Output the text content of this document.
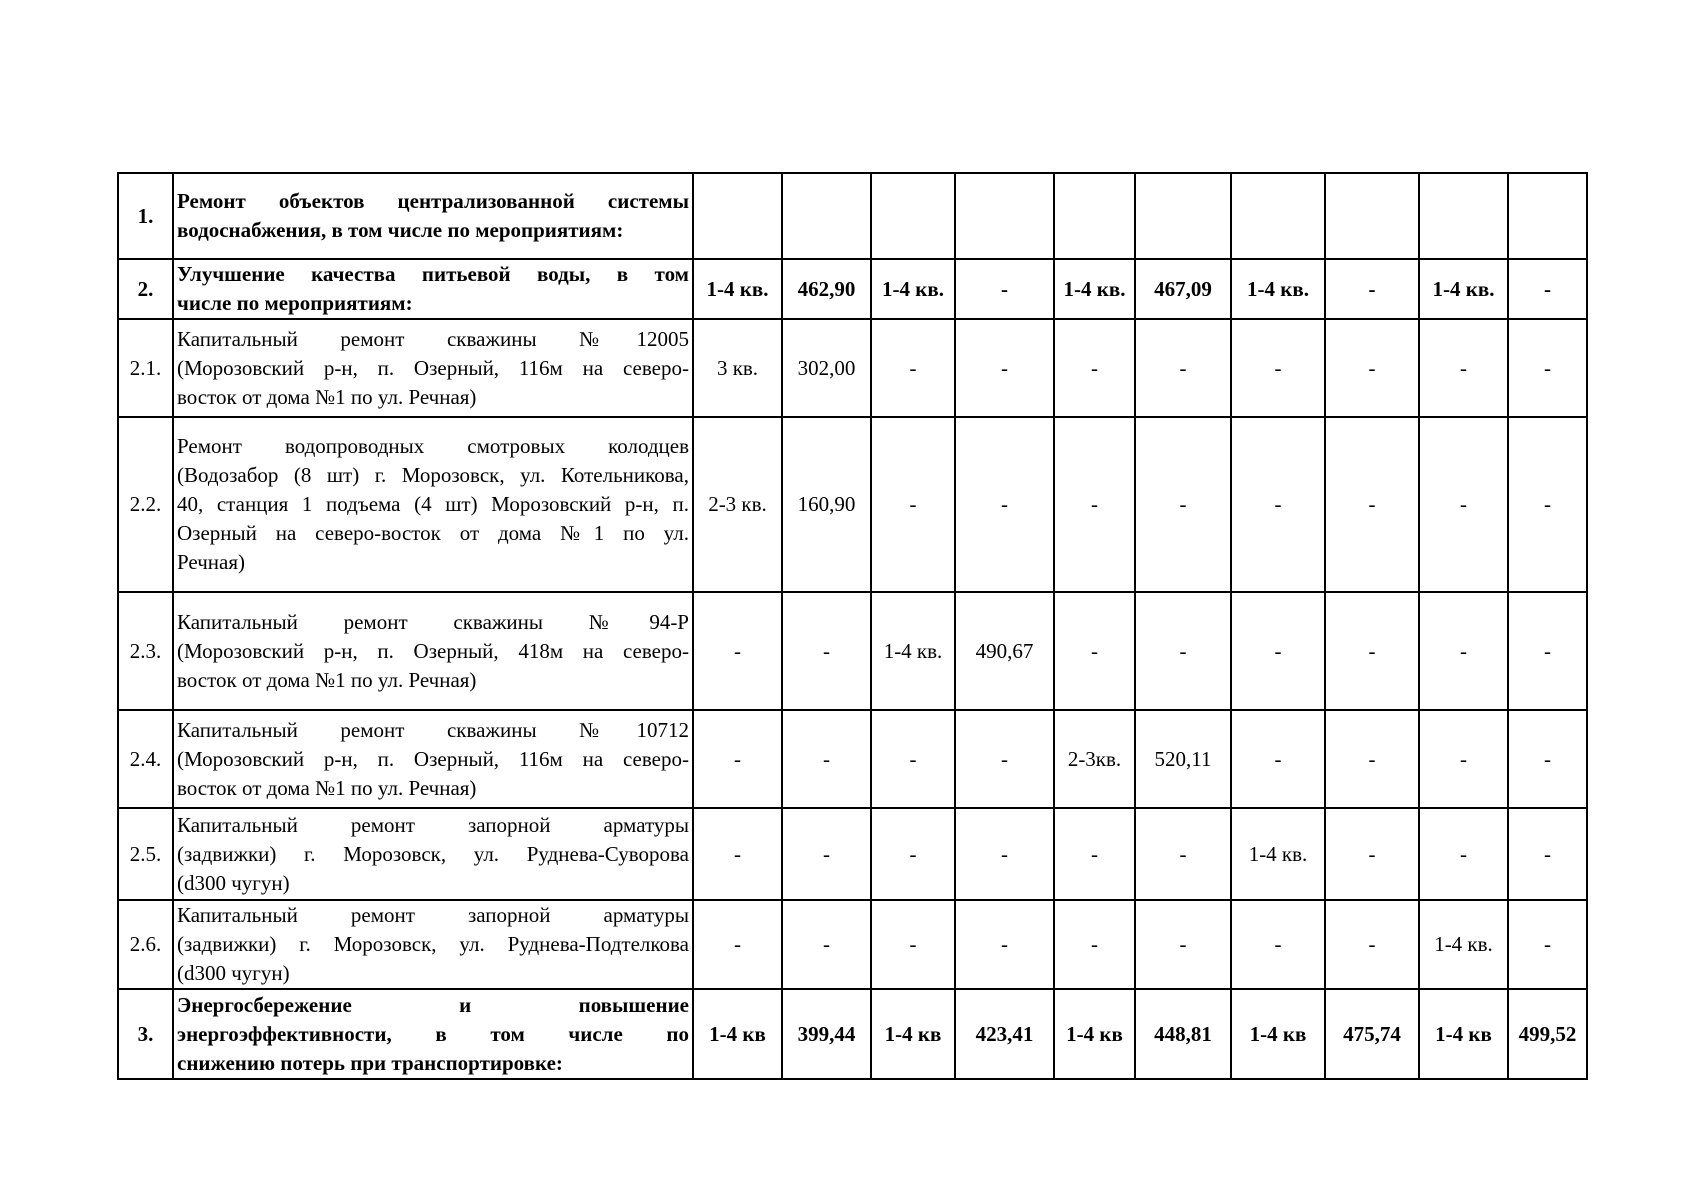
1.	Ремонт объектов централизованной системы
водоснабжения, в том числе по мероприятиям:										

2.	Улучшение качества питьевой воды, в том
числе по мероприятиям:	1-4 кв.	462,90	1-4 кв.	-	1-4 кв.	467,09	1-4 кв.	-	1-4 кв.	-
2.1.	Капитальный ремонт скважины №12005
(Морозовский р-н, п. Озерный, 116м на северо-
восток от дома №1 по ул. Речная)	3 кв.	302,00	-	-	-	-	-	-	-	-
2.2.	Ремонт водопроводных смотровых колодцев
(Водозабор (8 шт) г. Морозовск, ул. Котельникова,
40, станция 1 подъема (4 шт) Морозовский р-н, п.
Озерный на северо-восток от дома №1 по ул.
Речная)	2-3 кв.	160,90	-	-	-	-	-	-	-	-
2.3.	Капитальный ремонт скважины №94-Р
(Морозовский р-н, п. Озерный, 418м на северо-
восток от дома №1 по ул. Речная)	-	-	1-4 кв.	490,67	-	-	-	-	-	-
2.4.	Капитальный ремонт скважины №10712
(Морозовский р-н, п. Озерный, 116м на северо-
восток от дома №1 по ул. Речная)	-	-	-	-	2-3кв.	520,11	-	-	-	-
2.5.	Капитальный ремонт запорной арматуры
(задвижки) г. Морозовск, ул. Руднева-Суворова
(d300 чугун)	-	-	-	-	-	-	1-4 кв.	-	-	-
2.6.	Капитальный ремонт запорной арматуры
(задвижки) г. Морозовск, ул. Руднева-Подтелкова
(d300 чугун)	-	-	-	-	-	-	-	-	1-4 кв.	-
3.	Энергосбережение и повышение
энергоэффективности, в том числе по
снижению потерь при транспортировке:	1-4 кв	399,44	1-4 кв	423,41	1-4 кв	448,81	1-4 кв	475,74	1-4 кв	499,52
